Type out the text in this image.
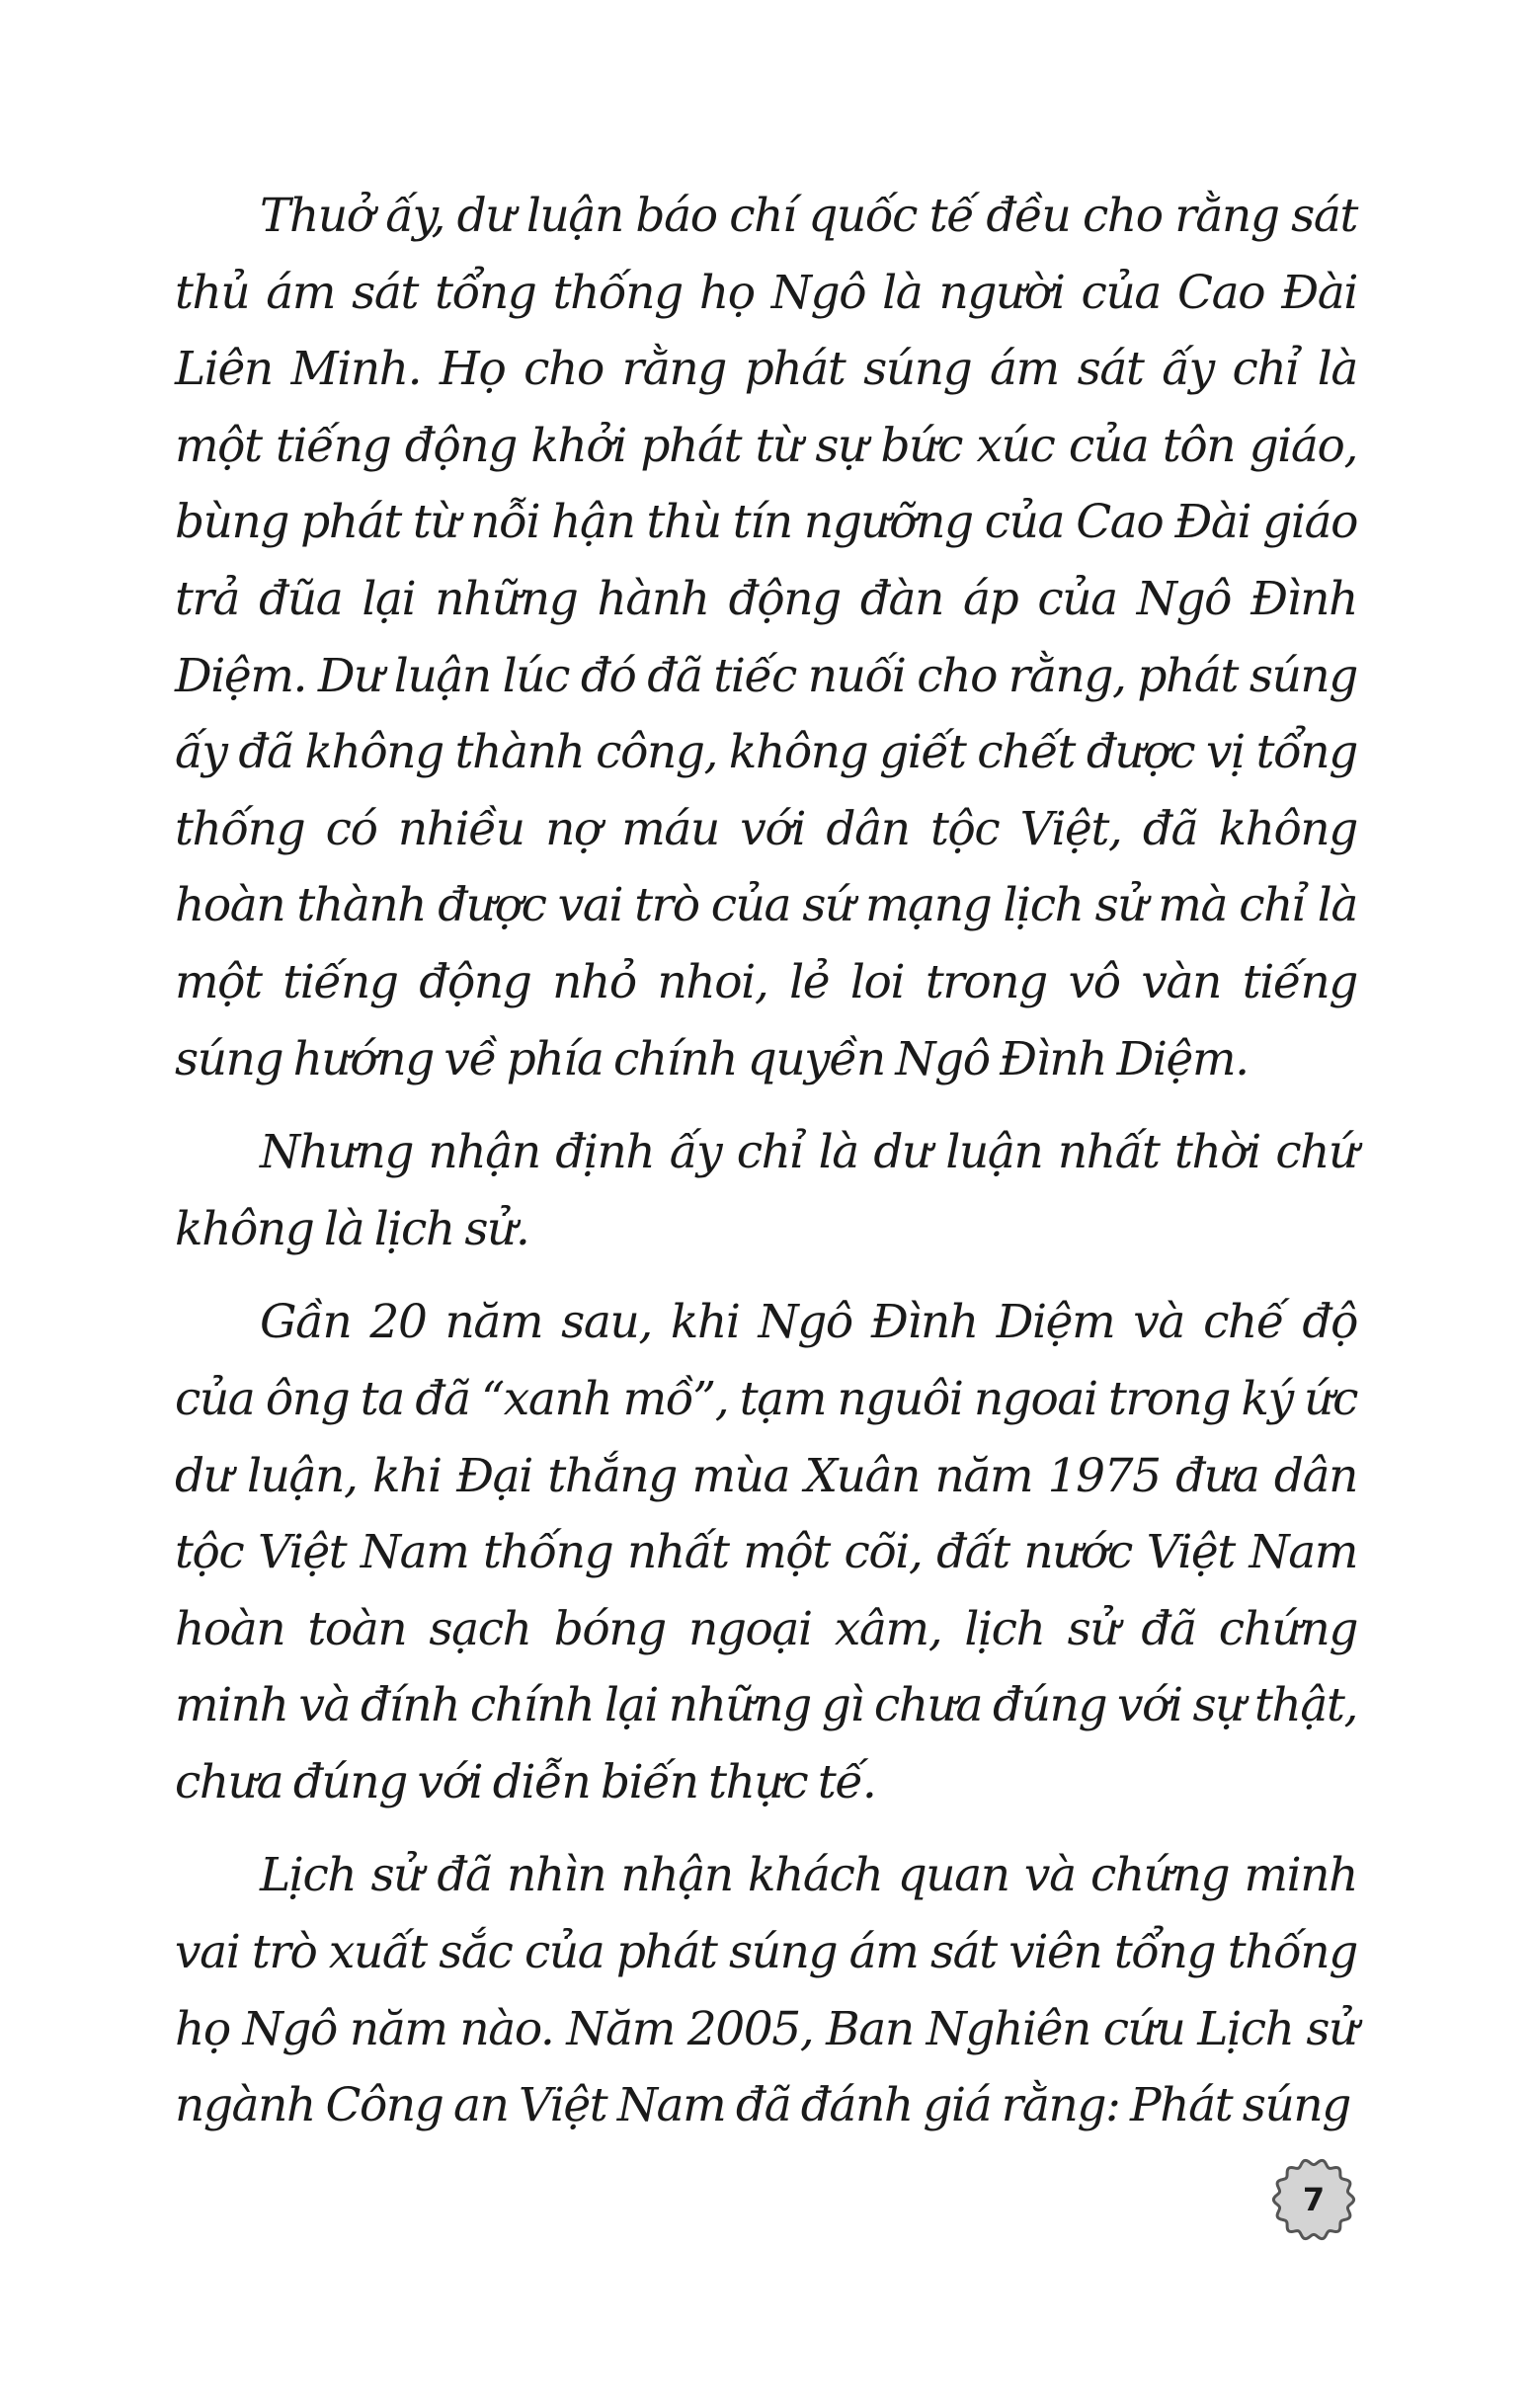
Thuở ấy, dư luận báo chí quốc tế đều cho rằng sát thủ ám sát tổng thống họ Ngô là người của Cao Đài Liên Minh. Họ cho rằng phát súng ám sát ấy chỉ là một tiếng động khởi phát từ sự bức xúc của tôn giáo, bùng phát từ nỗi hận thù tín ngưỡng của Cao Đài giáo trả đũa lại những hành động đàn áp của Ngô Đình Diệm. Dư luận lúc đó đã tiếc nuối cho rằng, phát súng ấy đã không thành công, không giết chết được vị tổng thống có nhiều nợ máu với dân tộc Việt, đã không hoàn thành được vai trò của sứ mạng lịch sử mà chỉ là một tiếng động nhỏ nhoi, lẻ loi trong vô vàn tiếng súng hướng về phía chính quyền Ngô Đình Diệm.

Nhưng nhận định ấy chỉ là dư luận nhất thời chứ không là lịch sử.

Gần 20 năm sau, khi Ngô Đình Diệm và chế độ của ông ta đã “xanh mồ”, tạm nguôi ngoai trong ký ức dư luận, khi Đại thắng mùa Xuân năm 1975 đưa dân tộc Việt Nam thống nhất một cõi, đất nước Việt Nam hoàn toàn sạch bóng ngoại xâm, lịch sử đã chứng minh và đính chính lại những gì chưa đúng với sự thật, chưa đúng với diễn biến thực tế.

Lịch sử đã nhìn nhận khách quan và chứng minh vai trò xuất sắc của phát súng ám sát viên tổng thống họ Ngô năm nào. Năm 2005, Ban Nghiên cứu Lịch sử ngành Công an Việt Nam đã đánh giá rằng: Phát súng

7
